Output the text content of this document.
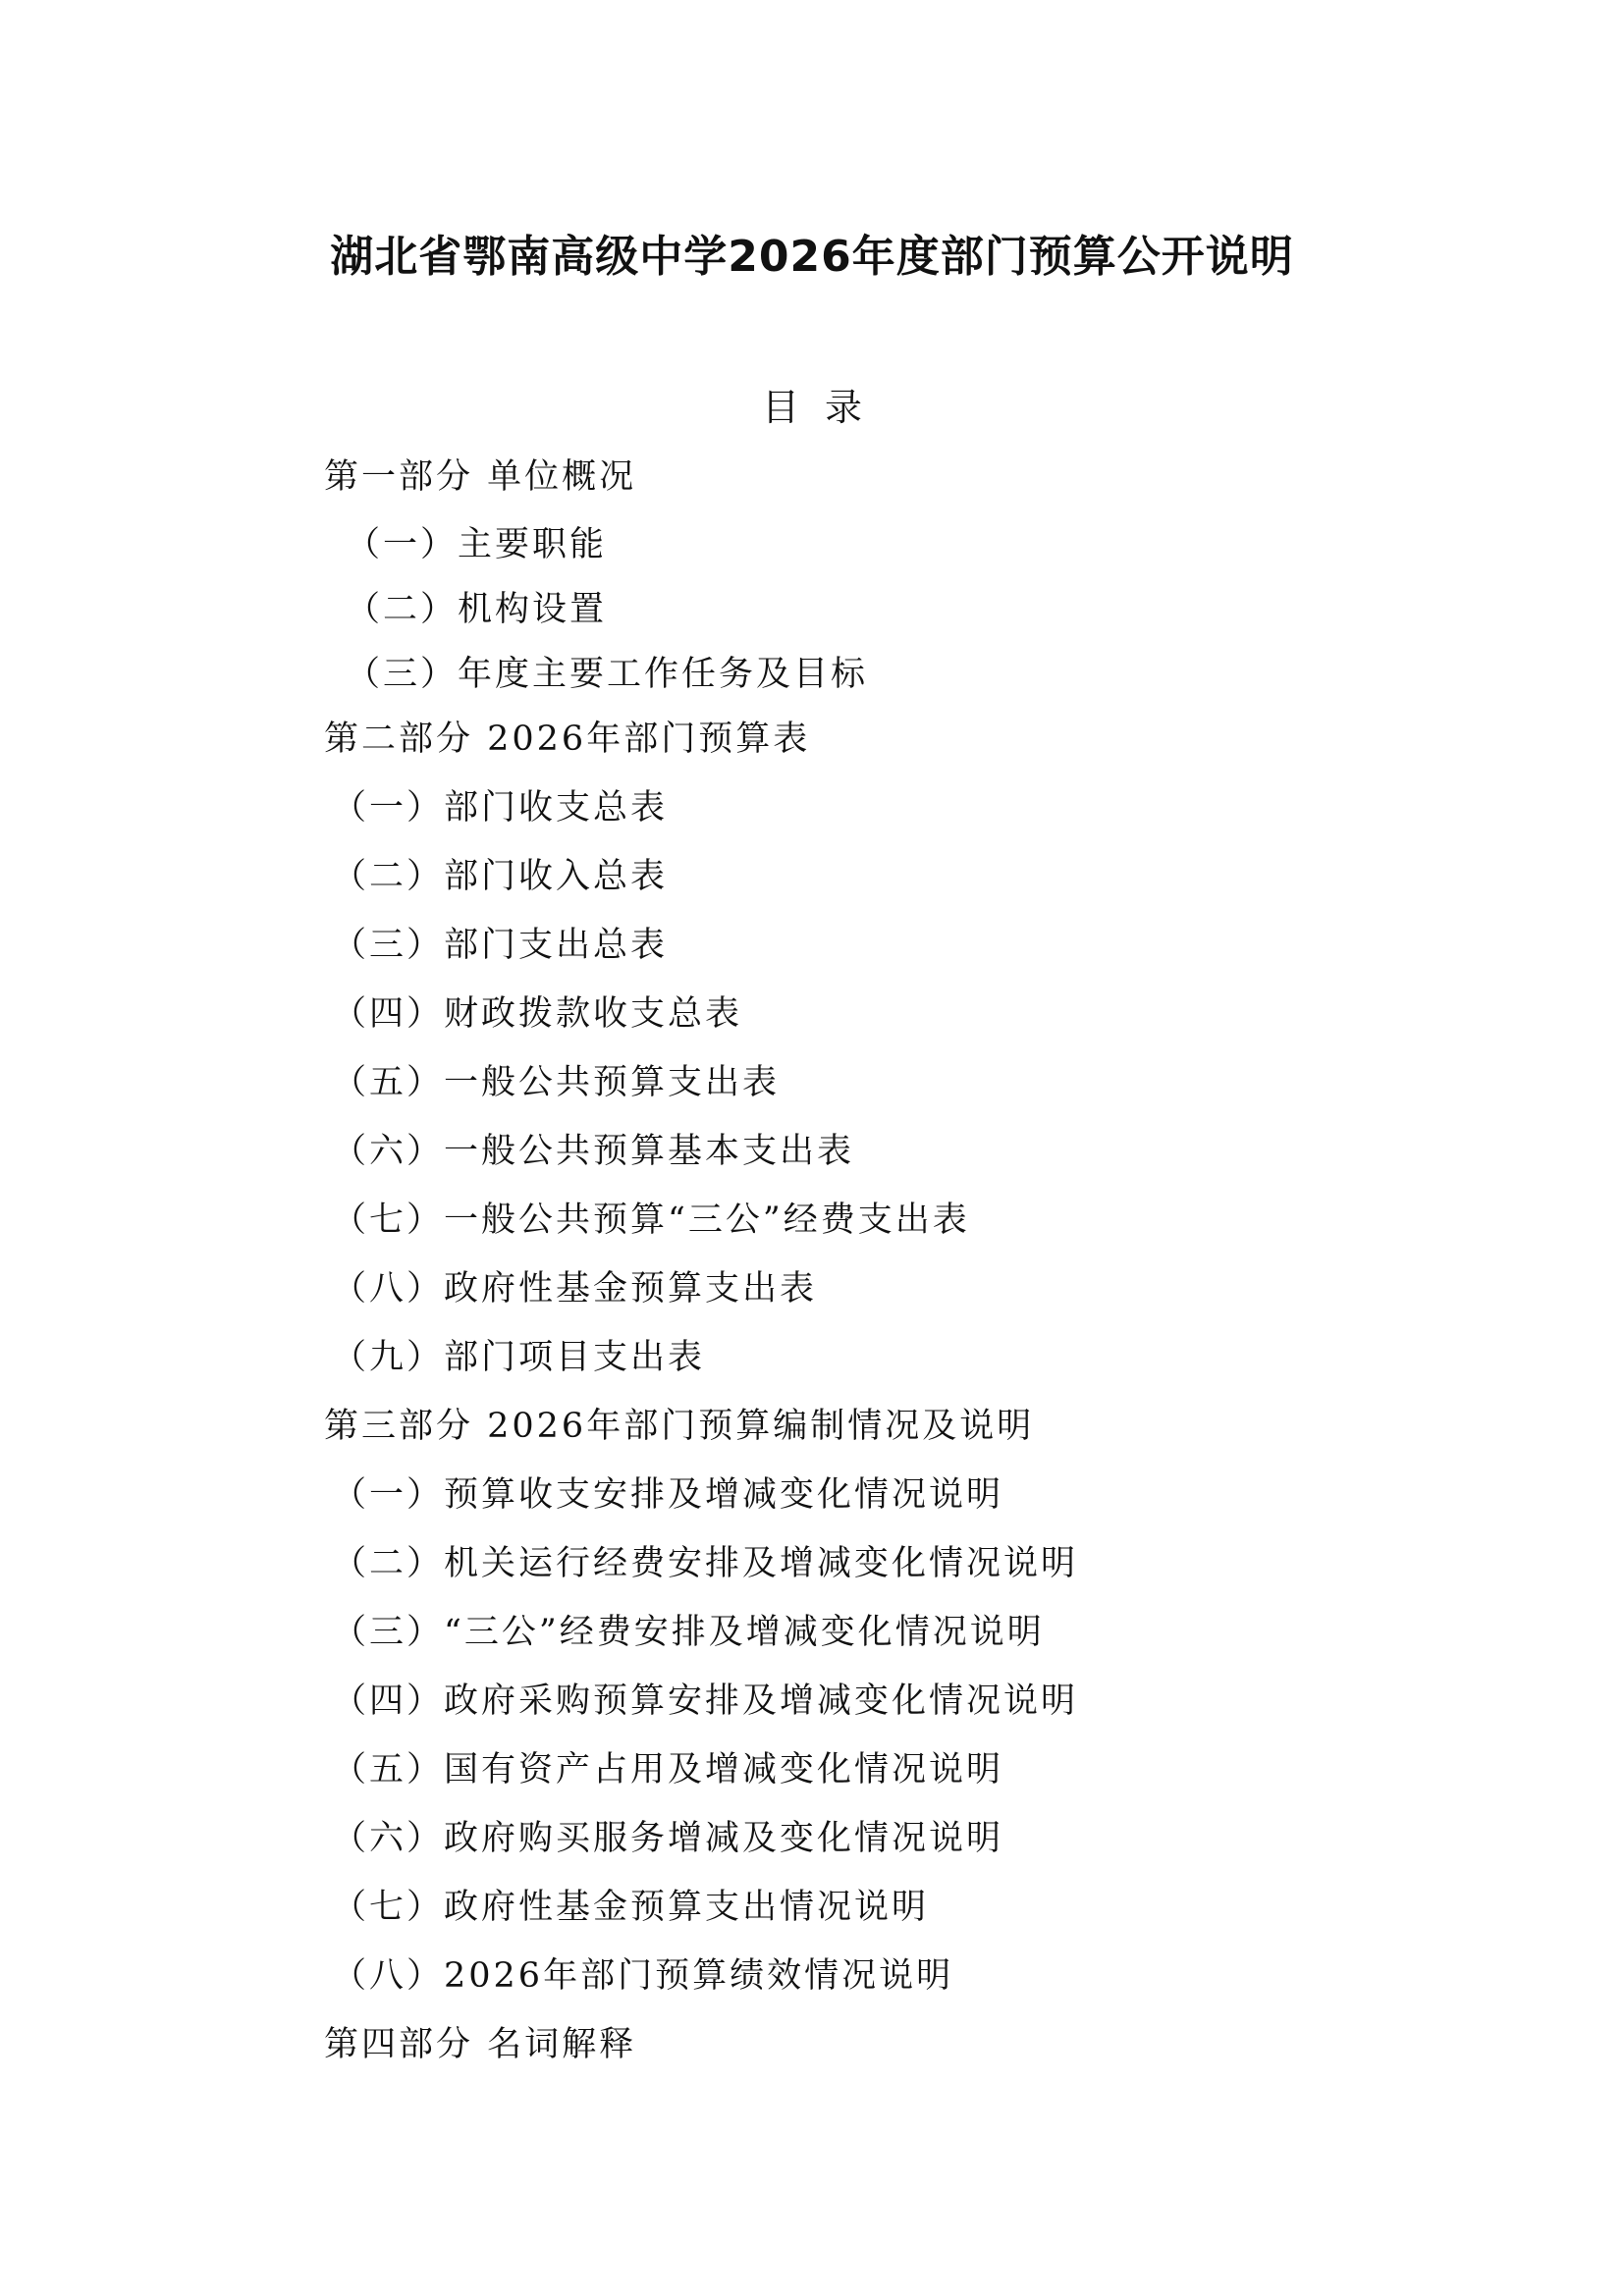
湖北省鄂南高级中学2026年度部门预算公开说明
目录
第一部分 单位概况
（一）主要职能
（二）机构设置
（三）年度主要工作任务及目标
第二部分 2026年部门预算表
（一）部门收支总表
（二）部门收入总表
（三）部门支出总表
（四）财政拨款收支总表
（五）一般公共预算支出表
（六）一般公共预算基本支出表
（七）一般公共预算“三公”经费支出表
（八）政府性基金预算支出表
（九）部门项目支出表
第三部分 2026年部门预算编制情况及说明
（一）预算收支安排及增减变化情况说明
（二）机关运行经费安排及增减变化情况说明
（三）“三公”经费安排及增减变化情况说明
（四）政府采购预算安排及增减变化情况说明
（五）国有资产占用及增减变化情况说明
（六）政府购买服务增减及变化情况说明
（七）政府性基金预算支出情况说明
（八）2026年部门预算绩效情况说明
第四部分 名词解释
